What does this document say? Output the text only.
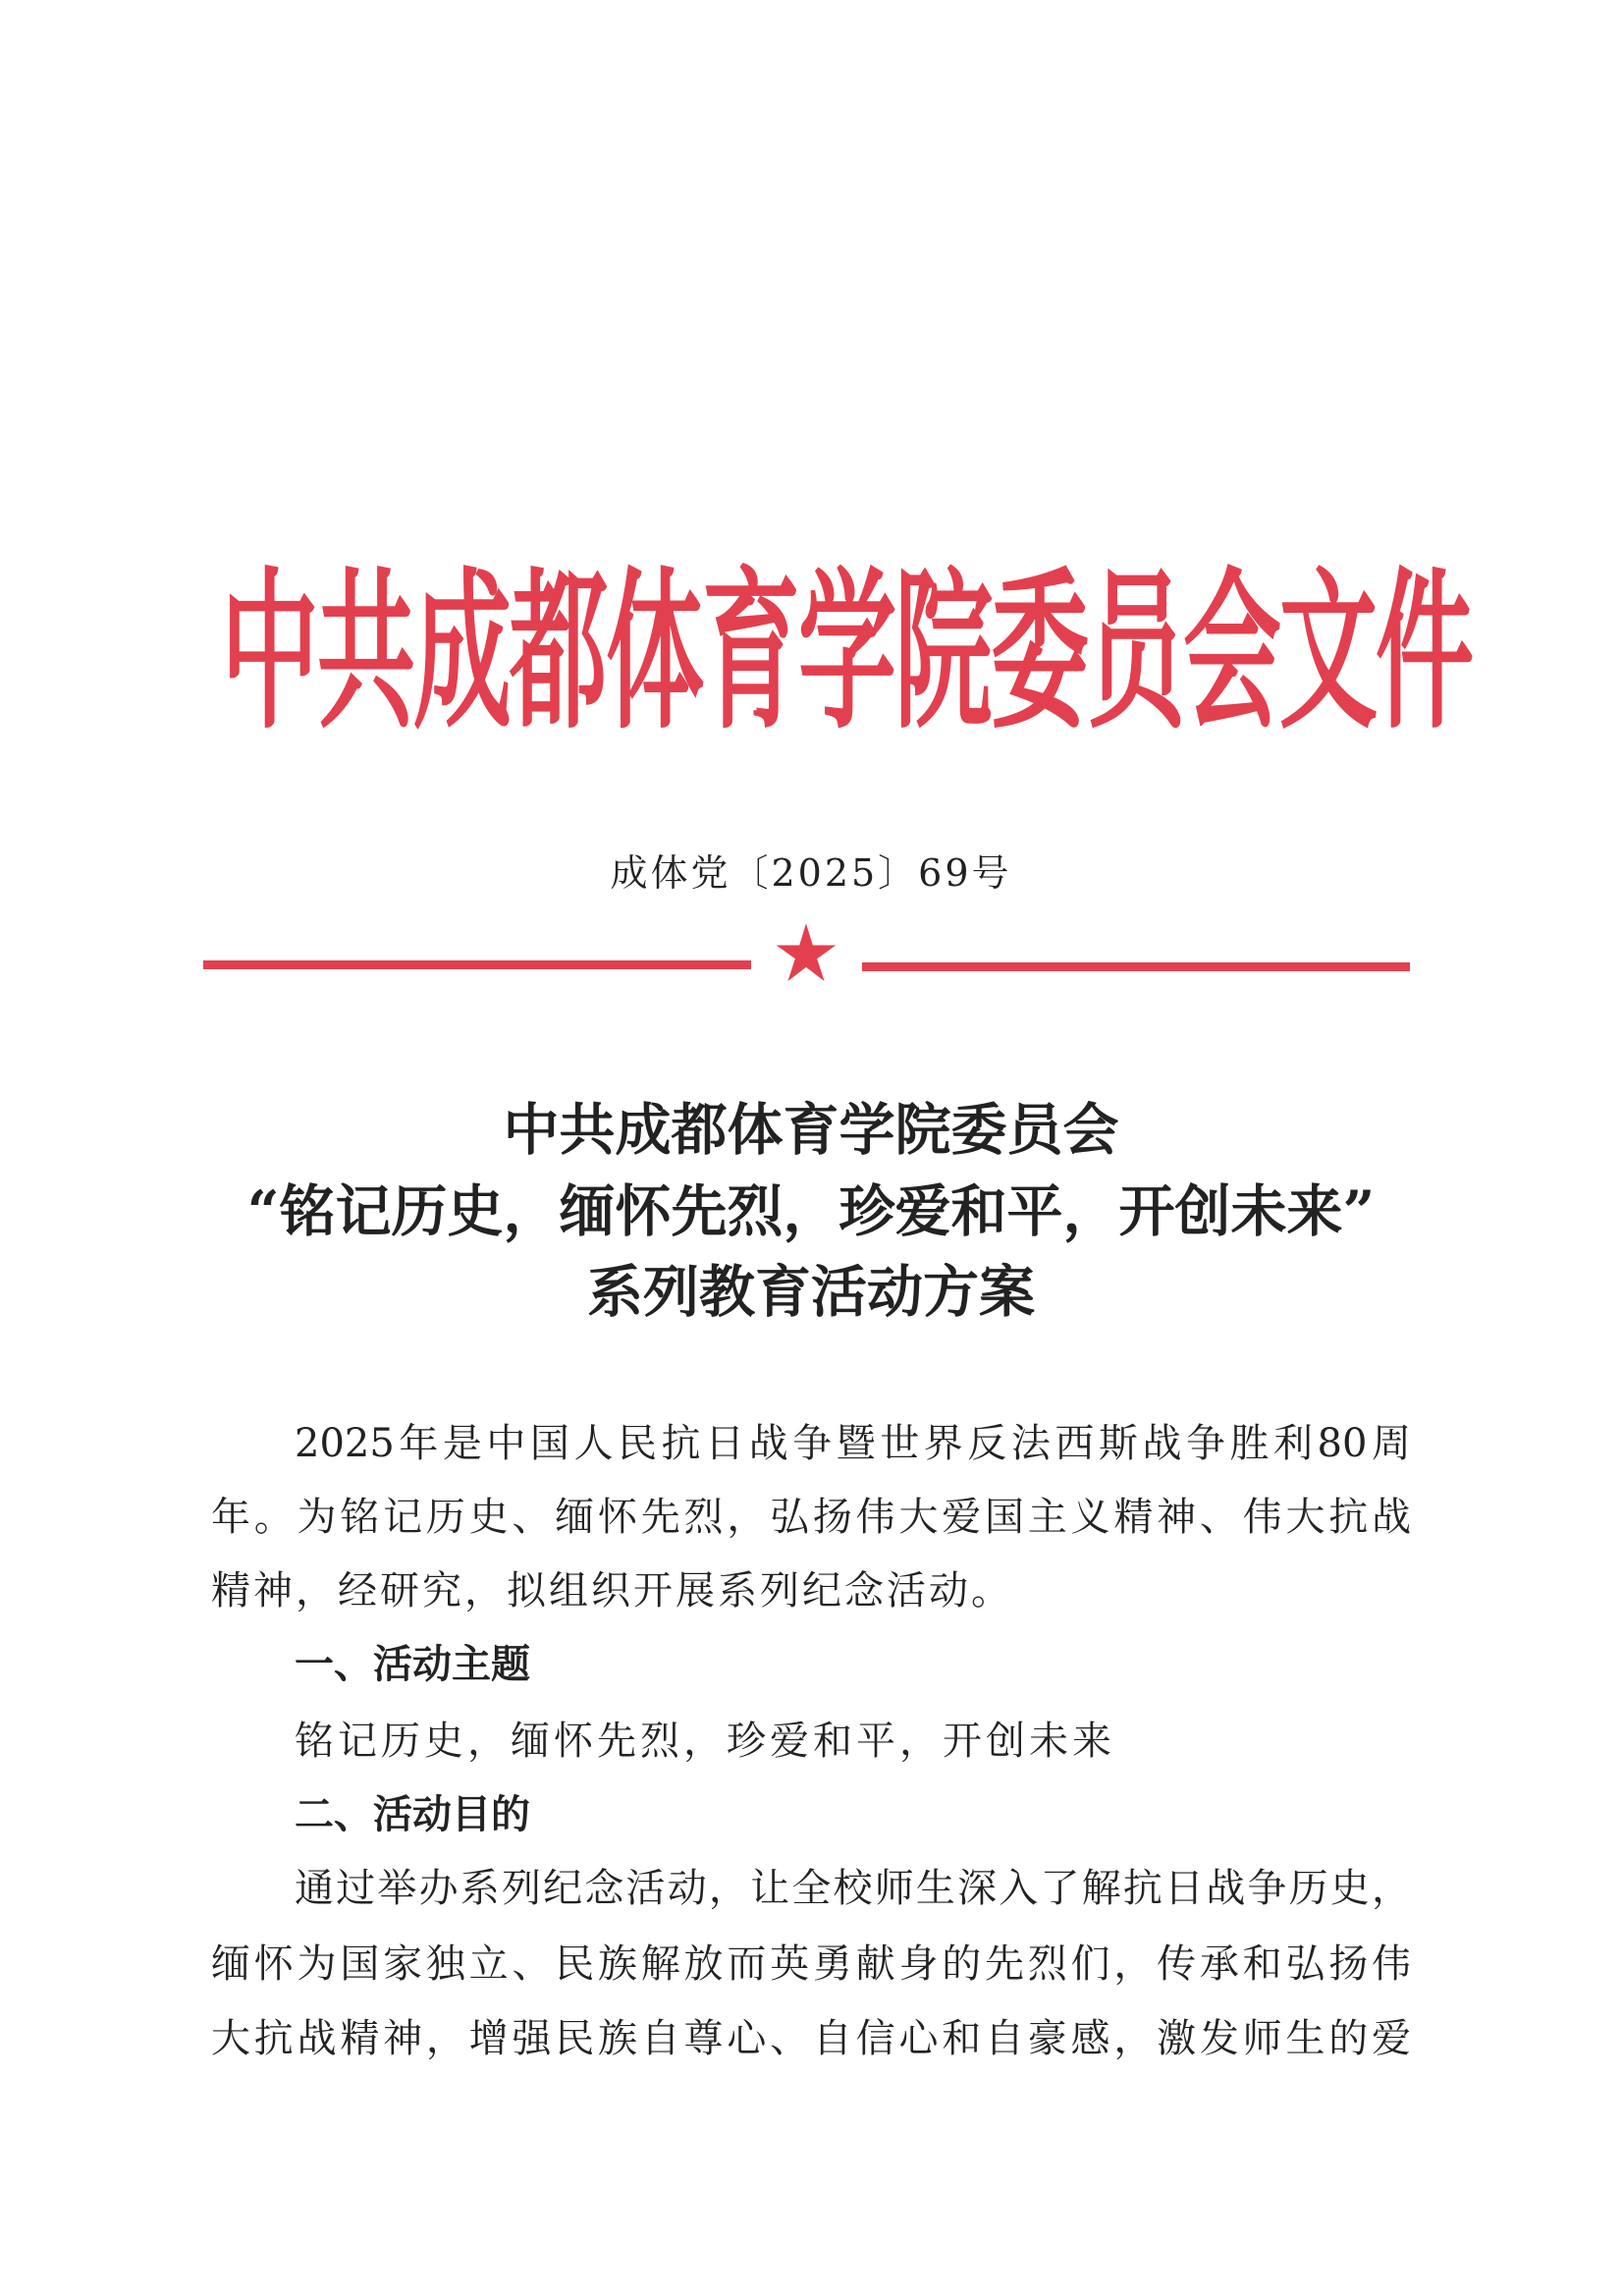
中共成都体育学院委员会文件
成体党〔2025〕69号
中共成都体育学院委员会
“铭记历史，缅怀先烈，珍爱和平，开创未来”
系列教育活动方案
2025年是中国人民抗日战争暨世界反法西斯战争胜利80周
年。为铭记历史、缅怀先烈，弘扬伟大爱国主义精神、伟大抗战
精神，经研究，拟组织开展系列纪念活动。
一、活动主题
铭记历史，缅怀先烈，珍爱和平，开创未来
二、活动目的
通过举办系列纪念活动，让全校师生深入了解抗日战争历史，
缅怀为国家独立、民族解放而英勇献身的先烈们，传承和弘扬伟
大抗战精神，增强民族自尊心、自信心和自豪感，激发师生的爱
